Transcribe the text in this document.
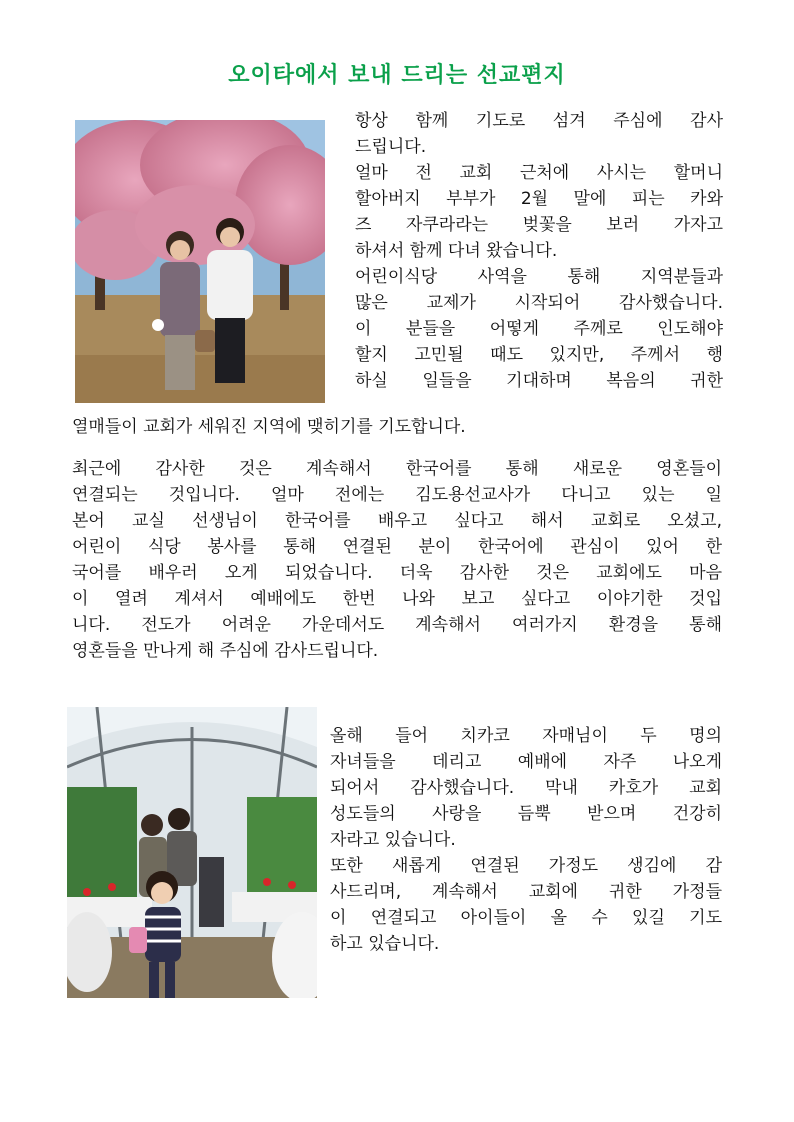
오이타에서 보내 드리는 선교편지
항상 함께 기도로 섬겨 주심에 감사
드립니다.
얼마 전 교회 근처에 사시는 할머니
할아버지 부부가 2월 말에 피는 카와
즈 자쿠라라는 벚꽃을 보러 가자고
하셔서 함께 다녀 왔습니다.
어린이식당 사역을 통해 지역분들과
많은 교제가 시작되어 감사했습니다.
이 분들을 어떻게 주께로 인도해야
할지 고민될 때도 있지만, 주께서 행
하실 일들을 기대하며 복음의 귀한
열매들이 교회가 세워진 지역에 맺히기를 기도합니다.
최근에 감사한 것은 계속해서 한국어를 통해 새로운 영혼들이
연결되는 것입니다. 얼마 전에는 김도용선교사가 다니고 있는 일
본어 교실 선생님이 한국어를 배우고 싶다고 해서 교회로 오셨고,
어린이 식당 봉사를 통해 연결된 분이 한국어에 관심이 있어 한
국어를 배우러 오게 되었습니다. 더욱 감사한 것은 교회에도 마음
이 열려 계셔서 예배에도 한번 나와 보고 싶다고 이야기한 것입
니다. 전도가 어려운 가운데서도 계속해서 여러가지 환경을 통해
영혼들을 만나게 해 주심에 감사드립니다.
올해 들어 치카코 자매님이 두 명의
자녀들을 데리고 예배에 자주 나오게
되어서 감사했습니다. 막내 카호가 교회
성도들의 사랑을 듬뿍 받으며 건강히
자라고 있습니다.
또한 새롭게 연결된 가정도 생김에 감
사드리며, 계속해서 교회에 귀한 가정들
이 연결되고 아이들이 올 수 있길 기도
하고 있습니다.
